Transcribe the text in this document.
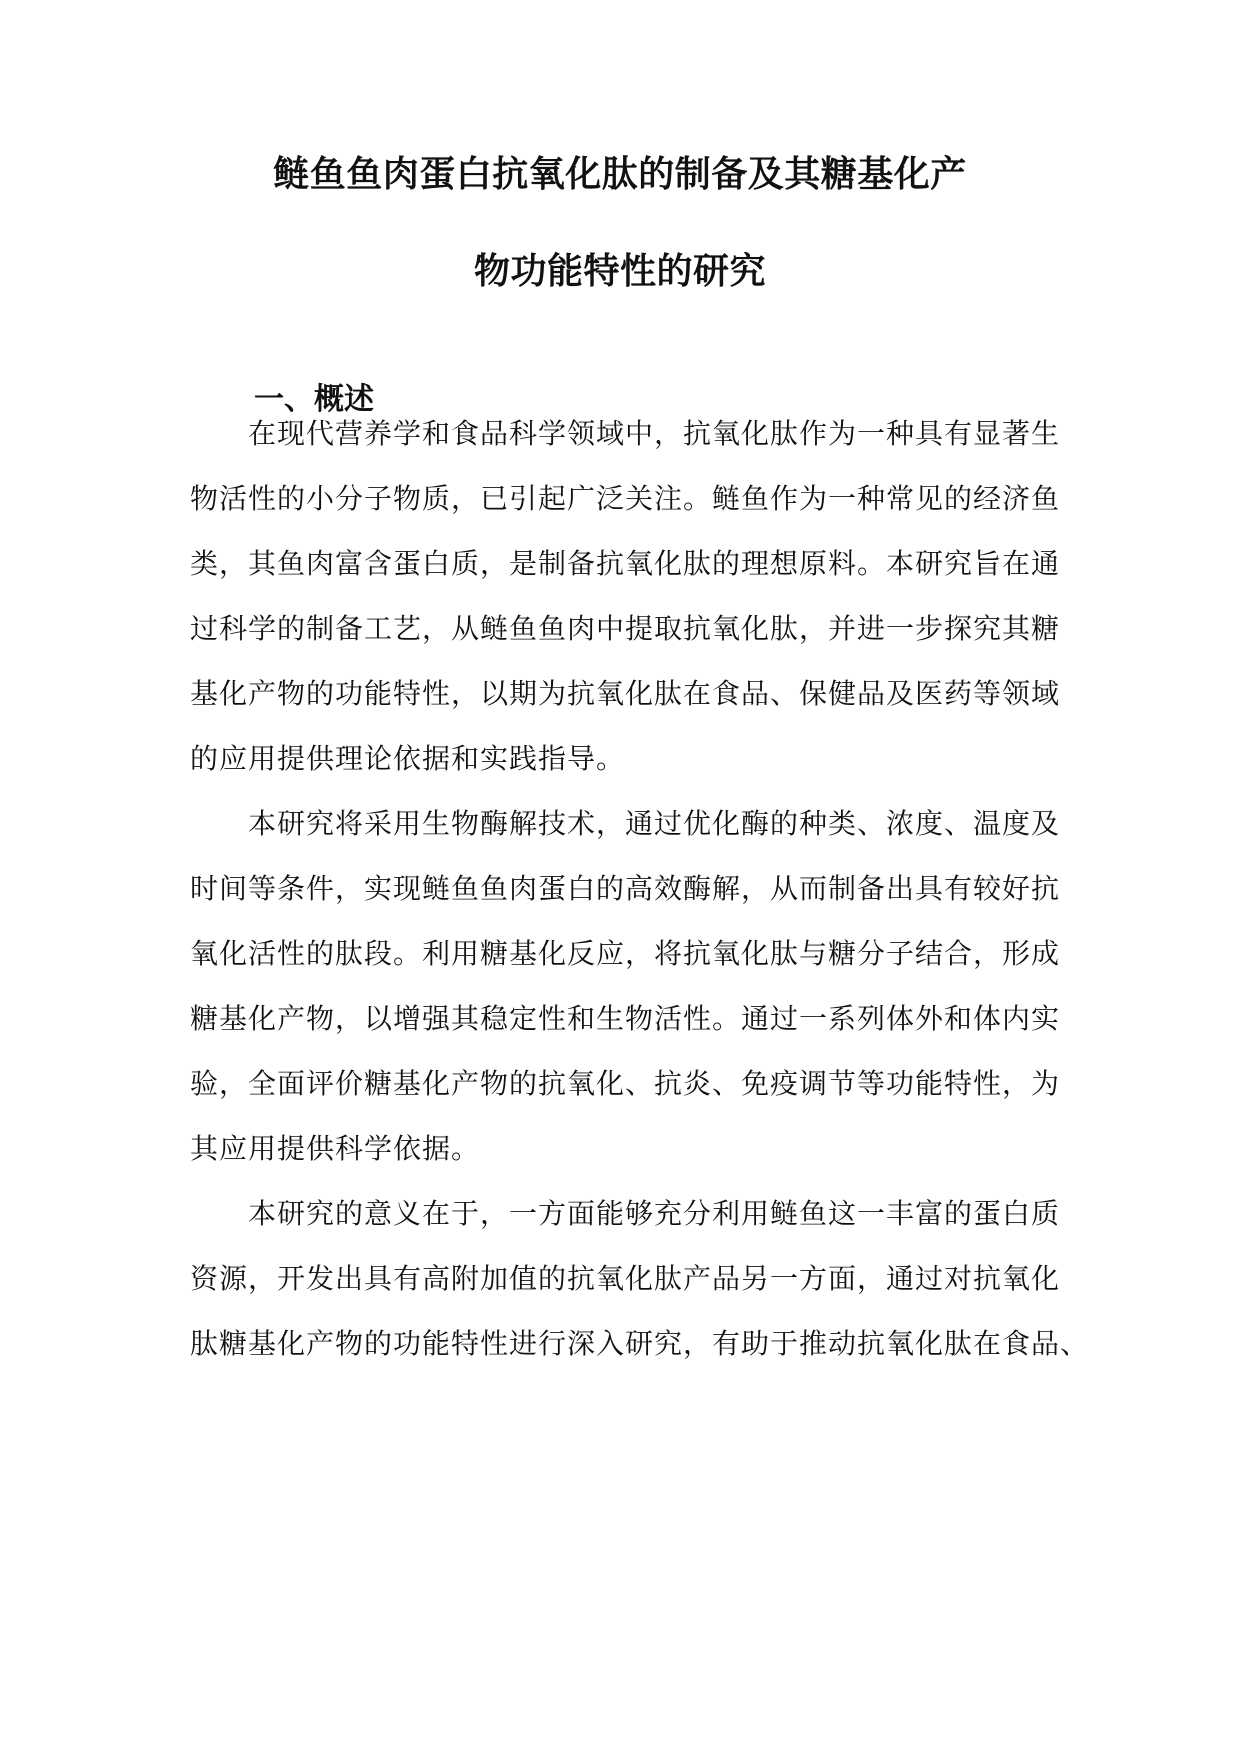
鲢鱼鱼肉蛋白抗氧化肽的制备及其糖基化产
物功能特性的研究
一、概述

在现代营养学和食品科学领域中，抗氧化肽作为一种具有显著生

物活性的小分子物质，已引起广泛关注。鲢鱼作为一种常见的经济鱼

类，其鱼肉富含蛋白质，是制备抗氧化肽的理想原料。本研究旨在通

过科学的制备工艺，从鲢鱼鱼肉中提取抗氧化肽，并进一步探究其糖

基化产物的功能特性，以期为抗氧化肽在食品、保健品及医药等领域

的应用提供理论依据和实践指导。

本研究将采用生物酶解技术，通过优化酶的种类、浓度、温度及

时间等条件，实现鲢鱼鱼肉蛋白的高效酶解，从而制备出具有较好抗

氧化活性的肽段。利用糖基化反应，将抗氧化肽与糖分子结合，形成

糖基化产物，以增强其稳定性和生物活性。通过一系列体外和体内实

验，全面评价糖基化产物的抗氧化、抗炎、免疫调节等功能特性，为

其应用提供科学依据。

本研究的意义在于，一方面能够充分利用鲢鱼这一丰富的蛋白质

资源，开发出具有高附加值的抗氧化肽产品另一方面，通过对抗氧化

肽糖基化产物的功能特性进行深入研究，有助于推动抗氧化肽在食品、
